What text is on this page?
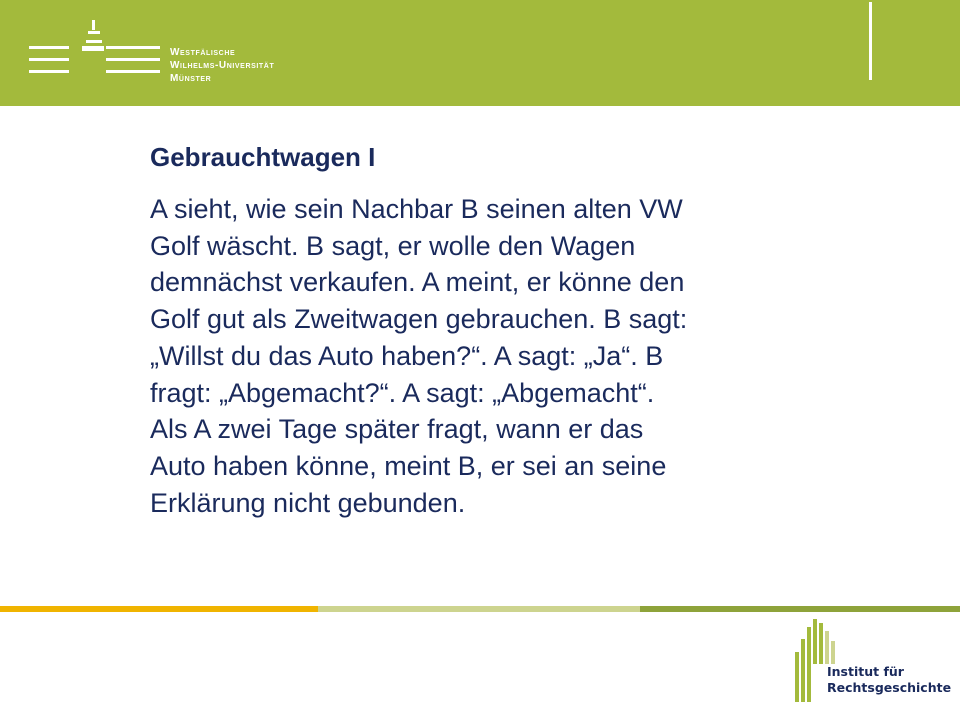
Westfälische
Wilhelms-Universität
Münster
Gebrauchtwagen I
A sieht, wie sein Nachbar B seinen alten VW
Golf wäscht. B sagt, er wolle den Wagen
demnächst verkaufen. A meint, er könne den
Golf gut als Zweitwagen gebrauchen. B sagt:
„Willst du das Auto haben?“. A sagt: „Ja“. B
fragt: „Abgemacht?“. A sagt: „Abgemacht“.
Als A zwei Tage später fragt, wann er das
Auto haben könne, meint B, er sei an seine
Erklärung nicht gebunden.
Institut für
Rechtsgeschichte
